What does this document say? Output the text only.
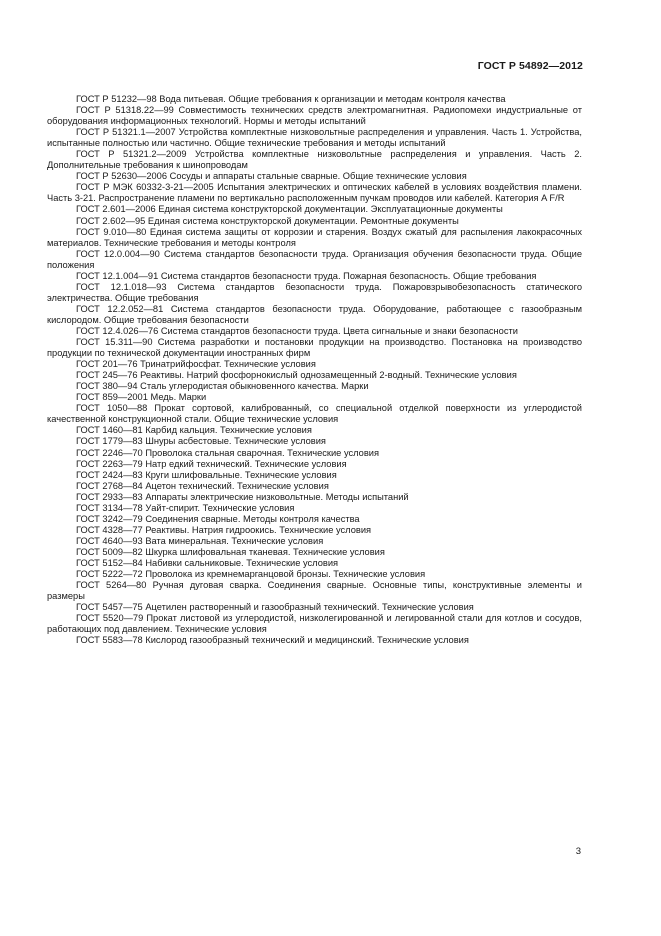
ГОСТ Р 54892—2012

ГОСТ Р 51232—98 Вода питьевая. Общие требования к организации и методам контроля качества

ГОСТ Р 51318.22—99 Совместимость технических средств электромагнитная. Радиопомехи индустриальные от оборудования информационных технологий. Нормы и методы испытаний

ГОСТ Р 51321.1—2007 Устройства комплектные низковольтные распределения и управления. Часть 1. Устройства, испытанные полностью или частично. Общие технические требования и методы испытаний

ГОСТ Р 51321.2—2009 Устройства комплектные низковольтные распределения и управления. Часть 2. Дополнительные требования к шинопроводам

ГОСТ Р 52630—2006 Сосуды и аппараты стальные сварные. Общие технические условия

ГОСТ Р МЭК 60332-3-21—2005 Испытания электрических и оптических кабелей в условиях воздействия пламени. Часть 3-21. Распространение пламени по вертикально расположенным пучкам проводов или кабелей. Категория A F/R

ГОСТ 2.601—2006 Единая система конструкторской документации. Эксплуатационные документы

ГОСТ 2.602—95 Единая система конструкторской документации. Ремонтные документы

ГОСТ 9.010—80 Единая система защиты от коррозии и старения. Воздух сжатый для распыления лакокрасочных материалов. Технические требования и методы контроля

ГОСТ 12.0.004—90 Система стандартов безопасности труда. Организация обучения безопасности труда. Общие положения

ГОСТ 12.1.004—91 Система стандартов безопасности труда. Пожарная безопасность. Общие требования

ГОСТ 12.1.018—93 Система стандартов безопасности труда. Пожаровзрывобезопасность статического электричества. Общие требования

ГОСТ 12.2.052—81 Система стандартов безопасности труда. Оборудование, работающее с газообразным кислородом. Общие требования безопасности

ГОСТ 12.4.026—76 Система стандартов безопасности труда. Цвета сигнальные и знаки безопасности

ГОСТ 15.311—90 Система разработки и постановки продукции на производство. Постановка на производство продукции по технической документации иностранных фирм

ГОСТ 201—76 Тринатрийфосфат. Технические условия

ГОСТ 245—76 Реактивы. Натрий фосфорнокислый однозамещенный 2-водный. Технические условия

ГОСТ 380—94 Сталь углеродистая обыкновенного качества. Марки

ГОСТ 859—2001 Медь. Марки

ГОСТ 1050—88 Прокат сортовой, калиброванный, со специальной отделкой поверхности из углеродистой качественной конструкционной стали. Общие технические условия

ГОСТ 1460—81 Карбид кальция. Технические условия

ГОСТ 1779—83 Шнуры асбестовые. Технические условия

ГОСТ 2246—70 Проволока стальная сварочная. Технические условия

ГОСТ 2263—79 Натр едкий технический. Технические условия

ГОСТ 2424—83 Круги шлифовальные. Технические условия

ГОСТ 2768—84 Ацетон технический. Технические условия

ГОСТ 2933—83 Аппараты электрические низковольтные. Методы испытаний

ГОСТ 3134—78 Уайт-спирит. Технические условия

ГОСТ 3242—79 Соединения сварные. Методы контроля качества

ГОСТ 4328—77 Реактивы. Натрия гидроокись. Технические условия

ГОСТ 4640—93 Вата минеральная. Технические условия

ГОСТ 5009—82 Шкурка шлифовальная тканевая. Технические условия

ГОСТ 5152—84 Набивки сальниковые. Технические условия

ГОСТ 5222—72 Проволока из кремнемарганцовой бронзы. Технические условия

ГОСТ 5264—80 Ручная дуговая сварка. Соединения сварные. Основные типы, конструктивные элементы и размеры

ГОСТ 5457—75 Ацетилен растворенный и газообразный технический. Технические условия

ГОСТ 5520—79 Прокат листовой из углеродистой, низколегированной и легированной стали для котлов и сосудов, работающих под давлением. Технические условия

ГОСТ 5583—78 Кислород газообразный технический и медицинский. Технические условия

3
